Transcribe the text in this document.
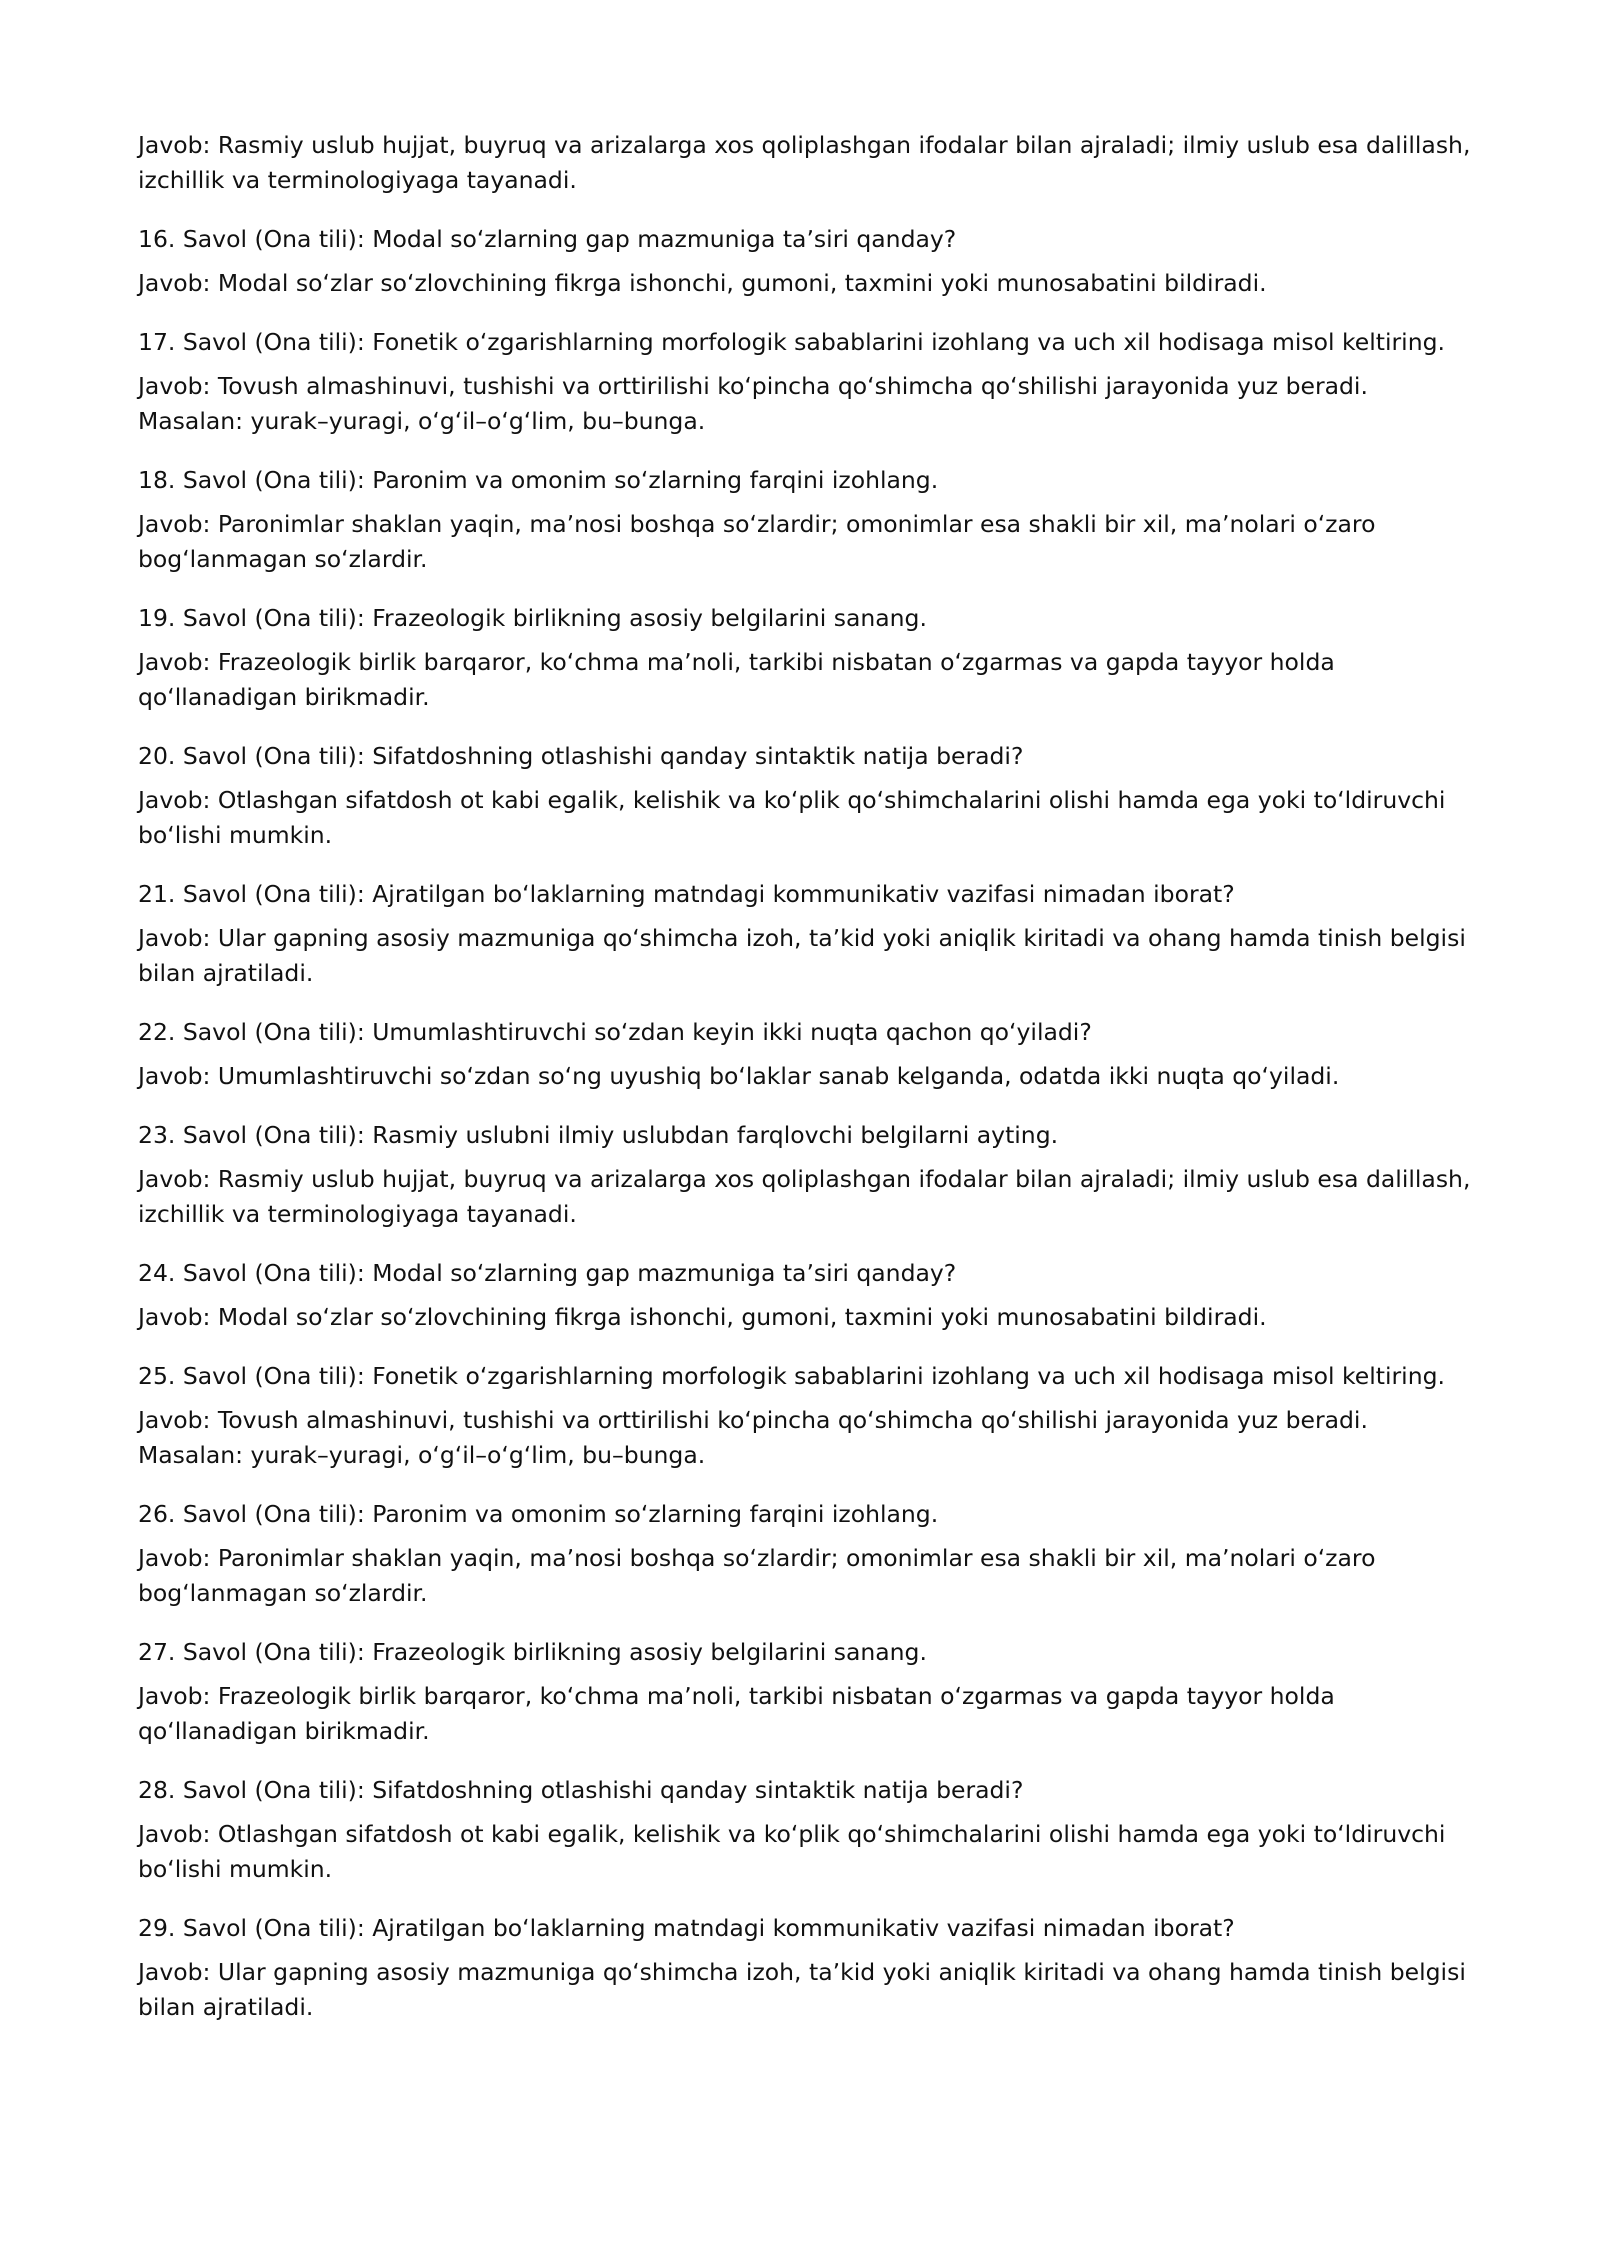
Javob: Rasmiy uslub hujjat, buyruq va arizalarga xos qoliplashgan ifodalar bilan ajraladi; ilmiy uslub esa dalillash, izchillik va terminologiyaga tayanadi.

16. Savol (Ona tili): Modal soʻzlarning gap mazmuniga taʼsiri qanday?

Javob: Modal soʻzlar soʻzlovchining fikrga ishonchi, gumoni, taxmini yoki munosabatini bildiradi.

17. Savol (Ona tili): Fonetik oʻzgarishlarning morfologik sabablarini izohlang va uch xil hodisaga misol keltiring.

Javob: Tovush almashinuvi, tushishi va orttirilishi koʻpincha qoʻshimcha qoʻshilishi jarayonida yuz beradi. Masalan: yurak–yuragi, oʻgʻil–oʻgʻlim, bu–bunga.

18. Savol (Ona tili): Paronim va omonim soʻzlarning farqini izohlang.

Javob: Paronimlar shaklan yaqin, maʼnosi boshqa soʻzlardir; omonimlar esa shakli bir xil, maʼnolari oʻzaro bogʻlanmagan soʻzlardir.

19. Savol (Ona tili): Frazeologik birlikning asosiy belgilarini sanang.

Javob: Frazeologik birlik barqaror, koʻchma maʼnoli, tarkibi nisbatan oʻzgarmas va gapda tayyor holda qoʻllanadigan birikmadir.

20. Savol (Ona tili): Sifatdoshning otlashishi qanday sintaktik natija beradi?

Javob: Otlashgan sifatdosh ot kabi egalik, kelishik va koʻplik qoʻshimchalarini olishi hamda ega yoki toʻldiruvchi boʻlishi mumkin.

21. Savol (Ona tili): Ajratilgan boʻlaklarning matndagi kommunikativ vazifasi nimadan iborat?

Javob: Ular gapning asosiy mazmuniga qoʻshimcha izoh, taʼkid yoki aniqlik kiritadi va ohang hamda tinish belgisi bilan ajratiladi.

22. Savol (Ona tili): Umumlashtiruvchi soʻzdan keyin ikki nuqta qachon qoʻyiladi?

Javob: Umumlashtiruvchi soʻzdan soʻng uyushiq boʻlaklar sanab kelganda, odatda ikki nuqta qoʻyiladi.

23. Savol (Ona tili): Rasmiy uslubni ilmiy uslubdan farqlovchi belgilarni ayting.

Javob: Rasmiy uslub hujjat, buyruq va arizalarga xos qoliplashgan ifodalar bilan ajraladi; ilmiy uslub esa dalillash, izchillik va terminologiyaga tayanadi.

24. Savol (Ona tili): Modal soʻzlarning gap mazmuniga taʼsiri qanday?

Javob: Modal soʻzlar soʻzlovchining fikrga ishonchi, gumoni, taxmini yoki munosabatini bildiradi.

25. Savol (Ona tili): Fonetik oʻzgarishlarning morfologik sabablarini izohlang va uch xil hodisaga misol keltiring.

Javob: Tovush almashinuvi, tushishi va orttirilishi koʻpincha qoʻshimcha qoʻshilishi jarayonida yuz beradi. Masalan: yurak–yuragi, oʻgʻil–oʻgʻlim, bu–bunga.

26. Savol (Ona tili): Paronim va omonim soʻzlarning farqini izohlang.

Javob: Paronimlar shaklan yaqin, maʼnosi boshqa soʻzlardir; omonimlar esa shakli bir xil, maʼnolari oʻzaro bogʻlanmagan soʻzlardir.

27. Savol (Ona tili): Frazeologik birlikning asosiy belgilarini sanang.

Javob: Frazeologik birlik barqaror, koʻchma maʼnoli, tarkibi nisbatan oʻzgarmas va gapda tayyor holda qoʻllanadigan birikmadir.

28. Savol (Ona tili): Sifatdoshning otlashishi qanday sintaktik natija beradi?

Javob: Otlashgan sifatdosh ot kabi egalik, kelishik va koʻplik qoʻshimchalarini olishi hamda ega yoki toʻldiruvchi boʻlishi mumkin.

29. Savol (Ona tili): Ajratilgan boʻlaklarning matndagi kommunikativ vazifasi nimadan iborat?

Javob: Ular gapning asosiy mazmuniga qoʻshimcha izoh, taʼkid yoki aniqlik kiritadi va ohang hamda tinish belgisi bilan ajratiladi.
